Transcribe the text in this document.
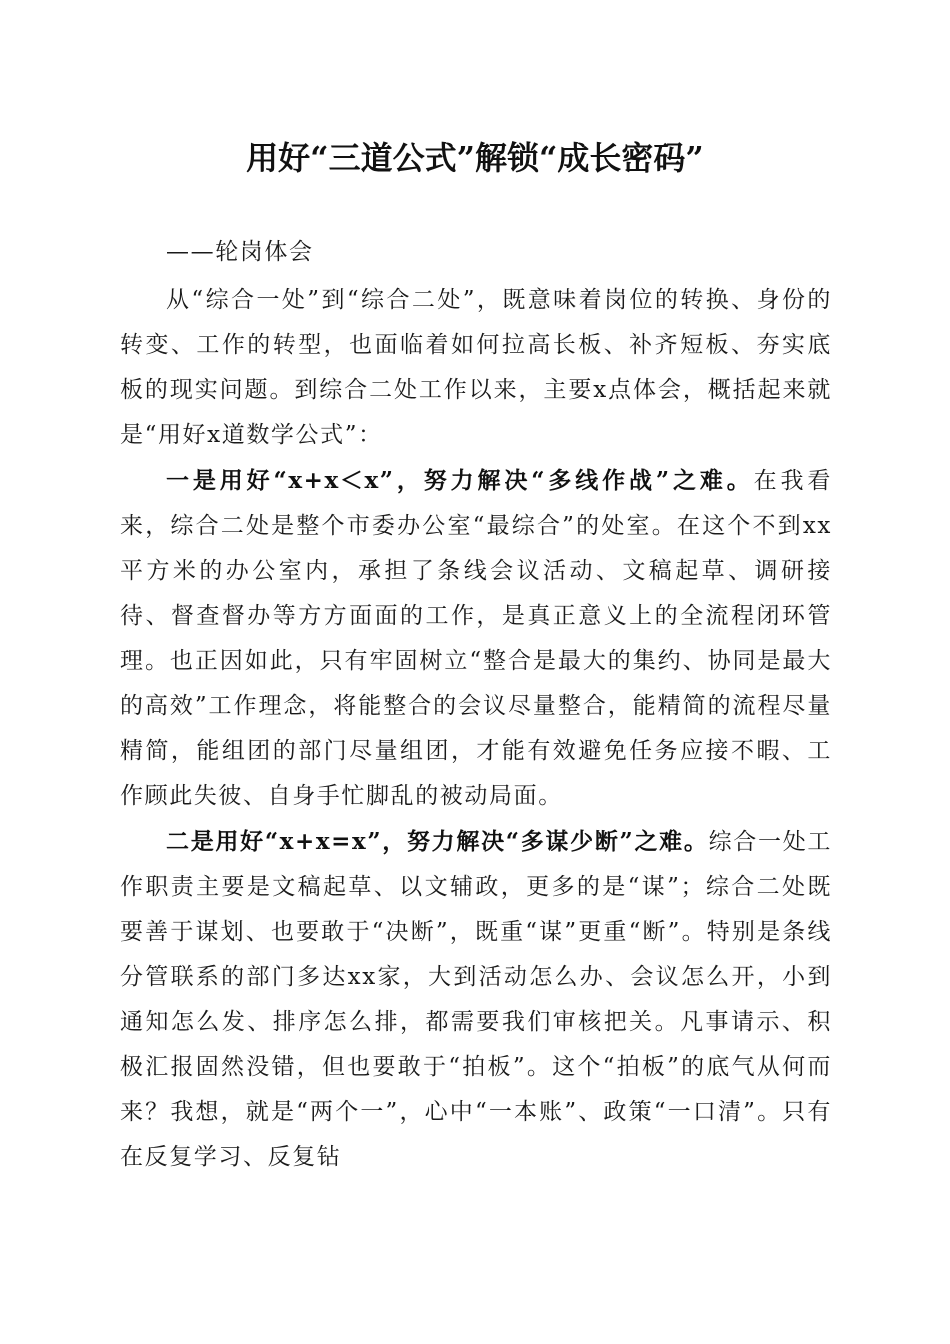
用好“三道公式”解锁“成长密码”

——轮岗体会

从“综合一处”到“综合二处”，既意味着岗位的转换、身份的转变、工作的转型，也面临着如何拉高长板、补齐短板、夯实底板的现实问题。到综合二处工作以来，主要x点体会，概括起来就是“用好x道数学公式”：

一是用好“x+x＜x”，努力解决“多线作战”之难。在我看来，综合二处是整个市委办公室“最综合”的处室。在这个不到xx平方米的办公室内，承担了条线会议活动、文稿起草、调研接待、督查督办等方方面面的工作，是真正意义上的全流程闭环管理。也正因如此，只有牢固树立“整合是最大的集约、协同是最大的高效”工作理念，将能整合的会议尽量整合，能精简的流程尽量精简，能组团的部门尽量组团，才能有效避免任务应接不暇、工作顾此失彼、自身手忙脚乱的被动局面。

二是用好“x+x=x”，努力解决“多谋少断”之难。综合一处工作职责主要是文稿起草、以文辅政，更多的是“谋”；综合二处既要善于谋划、也要敢于“决断”，既重“谋”更重“断”。特别是条线分管联系的部门多达xx家，大到活动怎么办、会议怎么开，小到通知怎么发、排序怎么排，都需要我们审核把关。凡事请示、积极汇报固然没错，但也要敢于“拍板”。这个“拍板”的底气从何而来？我想，就是“两个一”，心中“一本账”、政策“一口清”。只有在反复学习、反复钻
